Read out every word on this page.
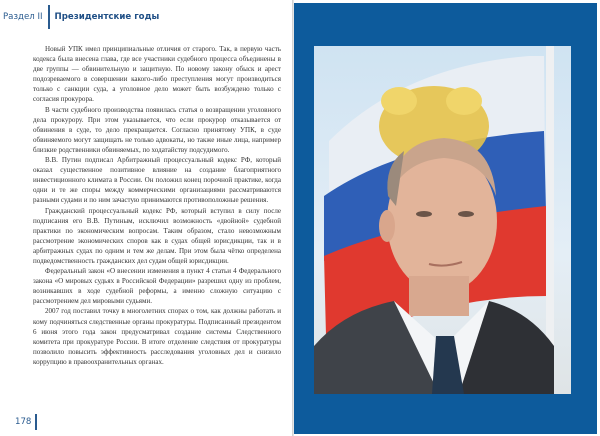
Раздел II	Президентские годы

Новый УПК имел принципиальные отличия от старого. Так, в первую часть кодекса была внесена глава, где все участники судебного процесса объединены в две группы — обвинительную и защитную. По новому закону обыск и арест подозреваемого в совершении какого-либо преступления могут производиться только с санкции суда, а уголовное дело может быть возбуждено только с согласия прокурора.

В части судебного производства появилась статья о возвращении уголовного дела прокурору. При этом указывается, что если прокурор отказывается от обвинения в суде, то дело прекращается. Согласно принятому УПК, в суде обвиняемого могут защищать не только адвокаты, но также иные лица, например близкие родственники обвиняемых, по ходатайству подсудимого.

В.В. Путин подписал Арбитражный процессуальный кодекс РФ, который оказал существенное позитивное влияние на создание благоприятного инвестиционного климата в России. Он положил конец порочной практике, когда одни и те же споры между коммерческими организациями рассматриваются разными судами и по ним зачастую принимаются противоположные решения.

Гражданский процессуальный кодекс РФ, который вступил в силу после подписания его В.В. Путиным, исключил возможность «двойной» судебной практики по экономическим вопросам. Таким образом, стало невозможным рассмотрение экономических споров как в судах общей юрисдикции, так и в арбитражных судах по одним и тем же делам. При этом была чётко определена подведомственность гражданских дел судам общей юрисдикции.

Федеральный закон «О внесении изменения в пункт 4 статьи 4 Федерального закона «О мировых судьях в Российской Федерации» разрешил одну из проблем, возникавших в ходе судебной реформы, а именно сложную ситуацию с рассмотрением дел мировыми судьями.

2007 год поставил точку в многолетних спорах о том, как должны работать и кому подчиняться следственные органы прокуратуры. Подписанный президентом 6 июня этого года закон предусматривал создание системы Следственного комитета при прокуратуре России. В итоге отделение следствия от прокуратуры позволило повысить эффективность расследования уголовных дел и снизило коррупцию в правоохранительных органах.

178
